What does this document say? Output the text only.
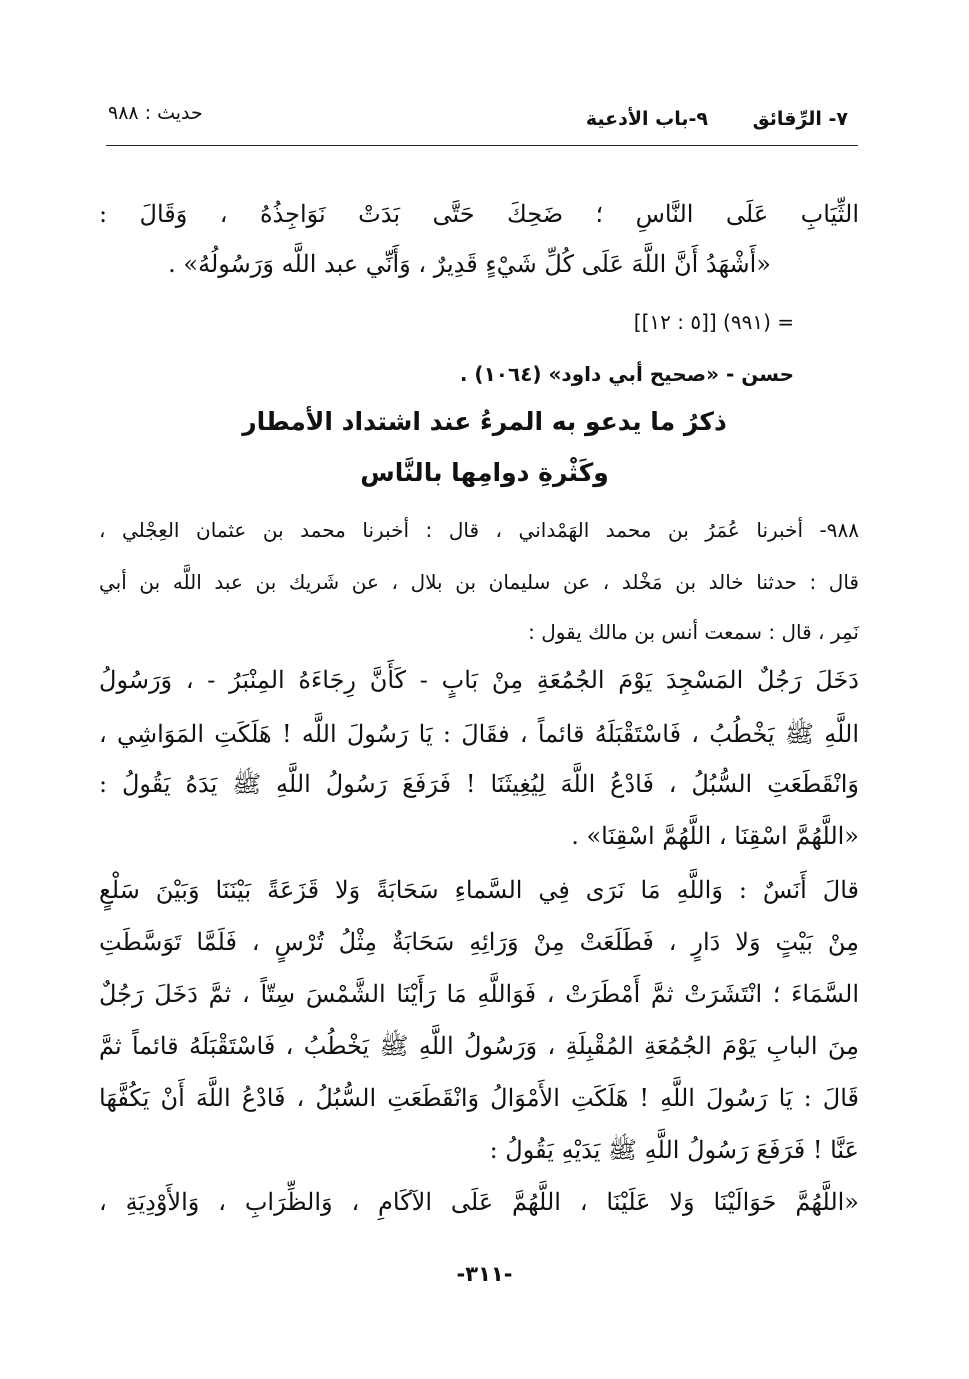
٧- الرِّقائق
٩-باب الأدعية
حديث : ٩٨٨
الثِّيَابِ عَلَى النَّاسِ ؛ ضَحِكَ حَتَّى بَدَتْ نَوَاجِذُهُ ، وَقَالَ :
«أَشْهَدُ أَنَّ اللَّهَ عَلَى كُلِّ شَيْءٍ قَدِيرٌ ، وَأَنِّي عبد اللَّه وَرَسُولُهُ» .
= (٩٩١) [[٥ : ١٢]]
حسن - «صحيح أبي داود» (١٠٦٤) .
ذكرُ ما يدعو به المرءُ عند اشتداد الأمطار
وكَثْرةِ دوامِها بالنَّاس
٩٨٨- أخبرنا عُمَرُ بن محمد الهَمْداني ، قال : أخبرنا محمد بن عثمان العِجْلي ،
قال : حدثنا خالد بن مَخْلد ، عن سليمان بن بلال ، عن شَريك بن عبد اللَّه بن أبي
نَمِر ، قال : سمعت أنس بن مالك يقول :
دَخَلَ رَجُلٌ المَسْجِدَ يَوْمَ الجُمُعَةِ مِنْ بَابٍ - كَأَنَّ رِجَاءَهُ المِنْبَرُ - ، وَرَسُولُ
اللَّهِ ﷺ يَخْطُبُ ، فَاسْتَقْبَلَهُ قائماً ، فقَالَ : يَا رَسُولَ اللَّه ! هَلَكَتِ المَوَاشِي ،
وَانْقَطَعَتِ السُّبُلُ ، فَادْعُ اللَّهَ لِيُغِيثَنَا ! فَرَفَعَ رَسُولُ اللَّهِ ﷺ يَدَهُ يَقُولُ :
«اللَّهُمَّ اسْقِنَا ، اللَّهُمَّ اسْقِنَا» .
قالَ أَنَسٌ : وَاللَّهِ مَا نَرَى فِي السَّماءِ سَحَابَةً وَلا قَزَعَةً بَيْنَنَا وَبَيْنَ سَلْعٍ
مِنْ بَيْتٍ وَلا دَارٍ ، فَطَلَعَتْ مِنْ وَرَائِهِ سَحَابَةٌ مِثْلُ تُرْسٍ ، فَلَمَّا تَوَسَّطَتِ
السَّمَاءَ ؛ انْتَشَرَتْ ثمَّ أَمْطَرَتْ ، فَوَاللَّهِ مَا رَأَيْنَا الشَّمْسَ سِتّاً ، ثمَّ دَخَلَ رَجُلٌ
مِنَ البابِ يَوْمَ الجُمُعَةِ المُقْبِلَةِ ، وَرَسُولُ اللَّهِ ﷺ يَخْطُبُ ، فَاسْتَقْبَلَهُ قائماً ثمَّ
قَالَ : يَا رَسُولَ اللَّهِ ! هَلَكَتِ الأَمْوَالُ وَانْقَطَعَتِ السُّبُلُ ، فَادْعُ اللَّهَ أَنْ يَكُفَّهَا
عَنَّا ! فَرَفَعَ رَسُولُ اللَّهِ ﷺ يَدَيْهِ يَقُولُ :
«اللَّهُمَّ حَوَالَيْنَا وَلا عَلَيْنَا ، اللَّهُمَّ عَلَى الآكَامِ ، وَالظِّرَابِ ، وَالأَوْدِيَةِ ،
-٣١١-
